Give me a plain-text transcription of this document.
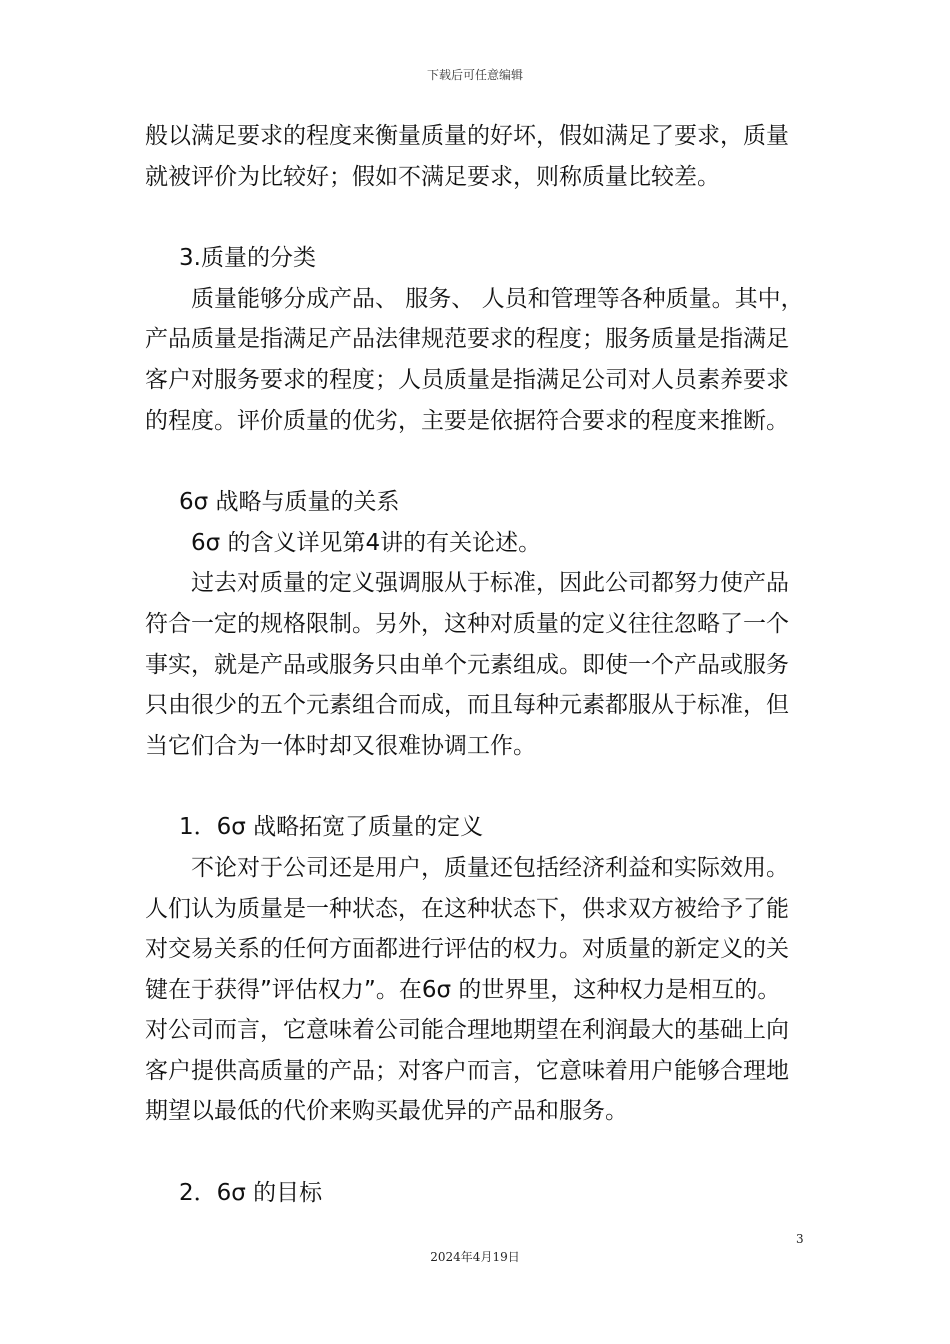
下载后可任意编辑
般以满足要求的程度来衡量质量的好坏，假如满足了要求，质量
就被评价为比较好；假如不满足要求，则称质量比较差。
3.质量的分类
质量能够分成产品、 服务、 人员和管理等各种质量。其中，
产品质量是指满足产品法律规范要求的程度；服务质量是指满足
客户对服务要求的程度；人员质量是指满足公司对人员素养要求
的程度。评价质量的优劣，主要是依据符合要求的程度来推断。
6σ 战略与质量的关系
6σ 的含义详见第4讲的有关论述。
过去对质量的定义强调服从于标准，因此公司都努力使产品
符合一定的规格限制。另外，这种对质量的定义往往忽略了一个
事实，就是产品或服务只由单个元素组成。即使一个产品或服务
只由很少的五个元素组合而成，而且每种元素都服从于标准，但
当它们合为一体时却又很难协调工作。
1．6σ 战略拓宽了质量的定义
不论对于公司还是用户，质量还包括经济利益和实际效用。
人们认为质量是一种状态，在这种状态下，供求双方被给予了能
对交易关系的任何方面都进行评估的权力。对质量的新定义的关
键在于获得”评估权力”。在6σ 的世界里，这种权力是相互的。
对公司而言，它意味着公司能合理地期望在利润最大的基础上向
客户提供高质量的产品；对客户而言，它意味着用户能够合理地
期望以最低的代价来购买最优异的产品和服务。
2．6σ 的目标
3
2024年4月19日
